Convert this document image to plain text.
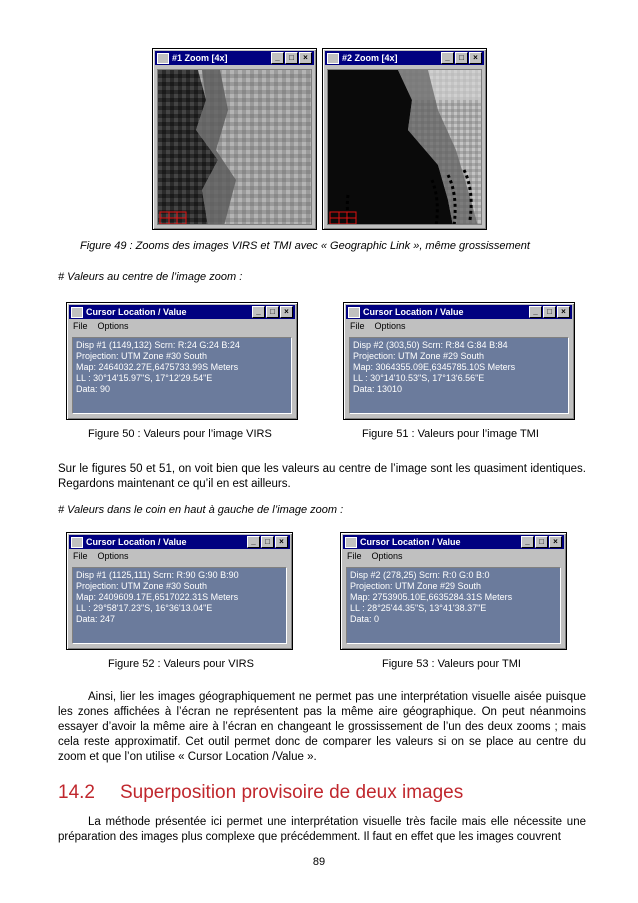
#1 Zoom [4x]	_	□	×	#2 Zoom [4x]	_	□	×
Figure 49 : Zooms des images VIRS et TMI avec « Geographic Link », même grossissement
# Valeurs au centre de l’image zoom :
Cursor Location / Value	_	□	×
File Options
Disp #1 (1149,132) Scrn: R:24 G:24 B:24
Projection: UTM Zone #30 South
Map: 2464032.27E,6475733.99S Meters
LL : 30°14'15.97"S, 17°12'29.54"E
Data: 90
Cursor Location / Value	_	□	×
File Options
Disp #2 (303,50) Scrn: R:84 G:84 B:84
Projection: UTM Zone #29 South
Map: 3064355.09E,6345785.10S Meters
LL : 30°14'10.53"S, 17°13'6.56"E
Data: 13010
Figure 50 : Valeurs pour l’image VIRS	Figure 51 : Valeurs pour l’image TMI
Sur le figures 50 et 51, on voit bien que les valeurs au centre de l’image sont les quasiment identiques. Regardons maintenant ce qu’il en est ailleurs.
# Valeurs dans le coin en haut à gauche de l’image zoom :
Cursor Location / Value	_	□	×
File Options
Disp #1 (1125,111) Scrn: R:90 G:90 B:90
Projection: UTM Zone #30 South
Map: 2409609.17E,6517022.31S Meters
LL : 29°58'17.23"S, 16°36'13.04"E
Data: 247
Cursor Location / Value	_	□	×
File Options
Disp #2 (278,25) Scrn: R:0 G:0 B:0
Projection: UTM Zone #29 South
Map: 2753905.10E,6635284.31S Meters
LL : 28°25'44.35"S, 13°41'38.37"E
Data: 0
Figure 52 : Valeurs pour VIRS	Figure 53 : Valeurs pour TMI
Ainsi, lier les images géographiquement ne permet pas une interprétation visuelle aisée puisque les zones affichées à l’écran ne représentent pas la même aire géographique. On peut néanmoins essayer d’avoir la même aire à l’écran en changeant le grossissement de l’un des deux zooms ; mais cela reste approximatif. Cet outil permet donc de comparer les valeurs si on se place au centre du zoom et que l’on utilise « Cursor Location /Value ».
14.2 Superposition provisoire de deux images
La méthode présentée ici permet une interprétation visuelle très facile mais elle nécessite une préparation des images plus complexe que précédemment. Il faut en effet que les images couvrent
89
